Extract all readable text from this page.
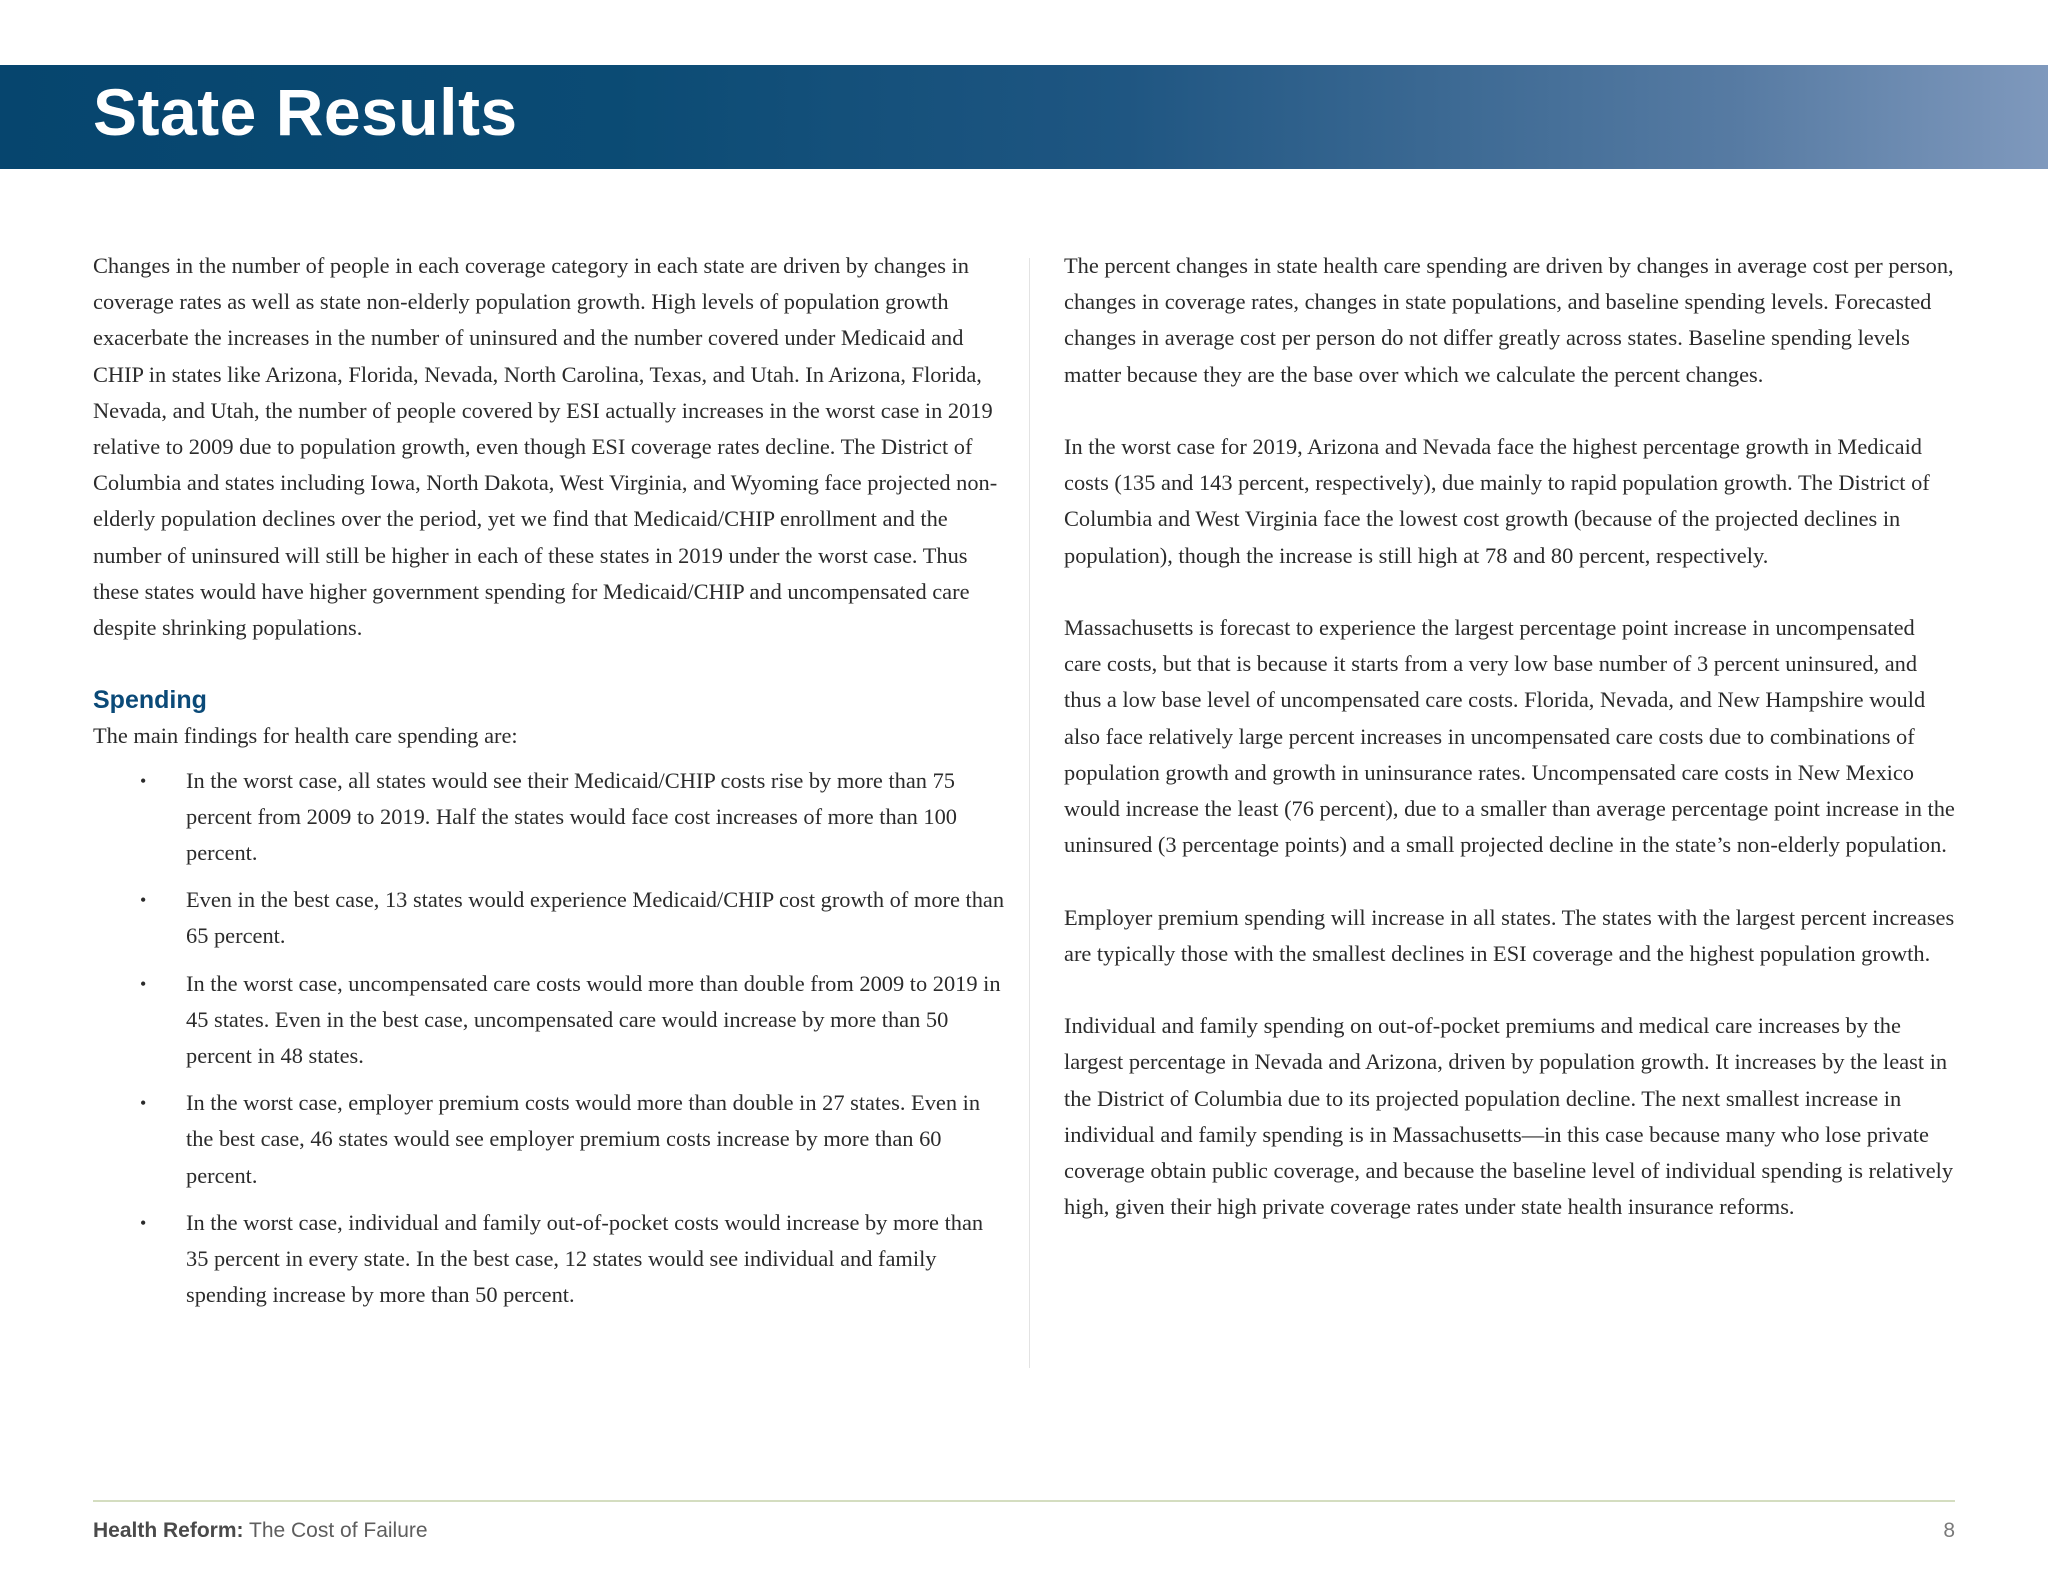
State Results

Changes in the number of people in each coverage category in each state are driven by changes in coverage rates as well as state non-elderly population growth. High levels of population growth exacerbate the increases in the number of uninsured and the number covered under Medicaid and CHIP in states like Arizona, Florida, Nevada, North Carolina, Texas, and Utah. In Arizona, Florida, Nevada, and Utah, the number of people covered by ESI actually increases in the worst case in 2019 relative to 2009 due to population growth, even though ESI coverage rates decline. The District of Columbia and states including Iowa, North Dakota, West Virginia, and Wyoming face projected non-elderly population declines over the period, yet we find that Medicaid/CHIP enrollment and the number of uninsured will still be higher in each of these states in 2019 under the worst case. Thus these states would have higher government spending for Medicaid/CHIP and uncompensated care despite shrinking populations.

Spending

The main findings for health care spending are:

• In the worst case, all states would see their Medicaid/CHIP costs rise by more than 75 percent from 2009 to 2019. Half the states would face cost increases of more than 100 percent.
• Even in the best case, 13 states would experience Medicaid/CHIP cost growth of more than 65 percent.
• In the worst case, uncompensated care costs would more than double from 2009 to 2019 in 45 states. Even in the best case, uncompensated care would increase by more than 50 percent in 48 states.
• In the worst case, employer premium costs would more than double in 27 states. Even in the best case, 46 states would see employer premium costs increase by more than 60 percent.
• In the worst case, individual and family out-of-pocket costs would increase by more than 35 percent in every state. In the best case, 12 states would see individual and family spending increase by more than 50 percent.

The percent changes in state health care spending are driven by changes in average cost per person, changes in coverage rates, changes in state populations, and baseline spending levels. Forecasted changes in average cost per person do not differ greatly across states. Baseline spending levels matter because they are the base over which we calculate the percent changes.

In the worst case for 2019, Arizona and Nevada face the highest percentage growth in Medicaid costs (135 and 143 percent, respectively), due mainly to rapid population growth. The District of Columbia and West Virginia face the lowest cost growth (because of the projected declines in population), though the increase is still high at 78 and 80 percent, respectively.

Massachusetts is forecast to experience the largest percentage point increase in uncompensated care costs, but that is because it starts from a very low base number of 3 percent uninsured, and thus a low base level of uncompensated care costs. Florida, Nevada, and New Hampshire would also face relatively large percent increases in uncompensated care costs due to combinations of population growth and growth in uninsurance rates. Uncompensated care costs in New Mexico would increase the least (76 percent), due to a smaller than average percentage point increase in the uninsured (3 percentage points) and a small projected decline in the state’s non-elderly population.

Employer premium spending will increase in all states. The states with the largest percent increases are typically those with the smallest declines in ESI coverage and the highest population growth.

Individual and family spending on out-of-pocket premiums and medical care increases by the largest percentage in Nevada and Arizona, driven by population growth. It increases by the least in the District of Columbia due to its projected population decline. The next smallest increase in individual and family spending is in Massachusetts—in this case because many who lose private coverage obtain public coverage, and because the baseline level of individual spending is relatively high, given their high private coverage rates under state health insurance reforms.

Health Reform: The Cost of Failure	8
